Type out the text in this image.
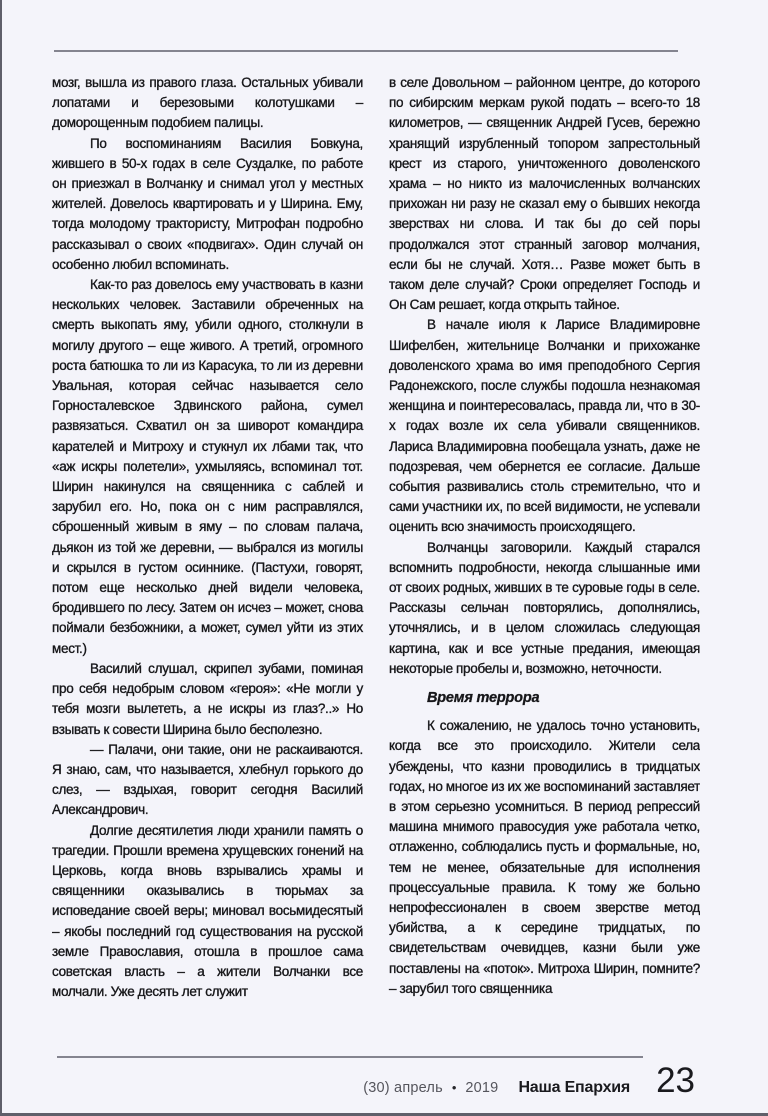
мозг, вышла из правого глаза. Остальных убивали лопатами и березовыми колотушками – доморощенным подобием палицы.

По воспоминаниям Василия Бовкуна, жившего в 50-х годах в селе Суздалке, по работе он приезжал в Волчанку и снимал угол у местных жителей. Довелось квартировать и у Ширина. Ему, тогда молодому трактористу, Митрофан подробно рассказывал о своих «подвигах». Один случай он особенно любил вспоминать.

Как-то раз довелось ему участвовать в казни нескольких человек. Заставили обреченных на смерть выкопать яму, убили одного, столкнули в могилу другого – еще живого. А третий, огромного роста батюшка то ли из Карасука, то ли из деревни Увальная, которая сейчас называется село Горносталевское Здвинского района, сумел развязаться. Схватил он за шиворот командира карателей и Митроху и стукнул их лбами так, что «аж искры полетели», ухмыляясь, вспоминал тот. Ширин накинулся на священника с саблей и зарубил его. Но, пока он с ним расправлялся, сброшенный живым в яму – по словам палача, дьякон из той же деревни, — выбрался из могилы и скрылся в густом осиннике. (Пастухи, говорят, потом еще несколько дней видели человека, бродившего по лесу. Затем он исчез – может, снова поймали безбожники, а может, сумел уйти из этих мест.)

Василий слушал, скрипел зубами, поминая про себя недобрым словом «героя»: «Не могли у тебя мозги вылететь, а не искры из глаз?..» Но взывать к совести Ширина было бесполезно.

— Палачи, они такие, они не раскаиваются. Я знаю, сам, что называется, хлебнул горького до слез, — вздыхая, говорит сегодня Василий Александрович.

Долгие десятилетия люди хранили память о трагедии. Прошли времена хрущевских гонений на Церковь, когда вновь взрывались храмы и священники оказывались в тюрьмах за исповедание своей веры; миновал восьмидесятый – якобы последний год существования на русской земле Православия, отошла в прошлое сама советская власть – а жители Волчанки все молчали. Уже десять лет служит

в селе Довольном – районном центре, до которого по сибирским меркам рукой подать – всего-то 18 километров, — священник Андрей Гусев, бережно хранящий изрубленный топором запрестольный крест из старого, уничтоженного доволенского храма – но никто из малочисленных волчанских прихожан ни разу не сказал ему о бывших некогда зверствах ни слова. И так бы до сей поры продолжался этот странный заговор молчания, если бы не случай. Хотя… Разве может быть в таком деле случай? Сроки определяет Господь и Он Сам решает, когда открыть тайное.

В начале июля к Ларисе Владимировне Шифелбен, жительнице Волчанки и прихожанке доволенского храма во имя преподобного Сергия Радонежского, после службы подошла незнакомая женщина и поинтересовалась, правда ли, что в 30-х годах возле их села убивали священников. Лариса Владимировна пообещала узнать, даже не подозревая, чем обернется ее согласие. Дальше события развивались столь стремительно, что и сами участники их, по всей видимости, не успевали оценить всю значимость происходящего.

Волчанцы заговорили. Каждый старался вспомнить подробности, некогда слышанные ими от своих родных, живших в те суровые годы в селе. Рассказы сельчан повторялись, дополнялись, уточнялись, и в целом сложилась следующая картина, как и все устные предания, имеющая некоторые пробелы и, возможно, неточности.

Время террора

К сожалению, не удалось точно установить, когда все это происходило. Жители села убеждены, что казни проводились в тридцатых годах, но многое из их же воспоминаний заставляет в этом серьезно усомниться. В период репрессий машина мнимого правосудия уже работала четко, отлаженно, соблюдались пусть и формальные, но, тем не менее, обязательные для исполнения процессуальные правила. К тому же больно непрофессионален в своем зверстве метод убийства, а к середине тридцатых, по свидетельствам очевидцев, казни были уже поставлены на «поток». Митроха Ширин, помните? – зарубил того священника

(30) апрель • 2019 Наша Епархия 23
